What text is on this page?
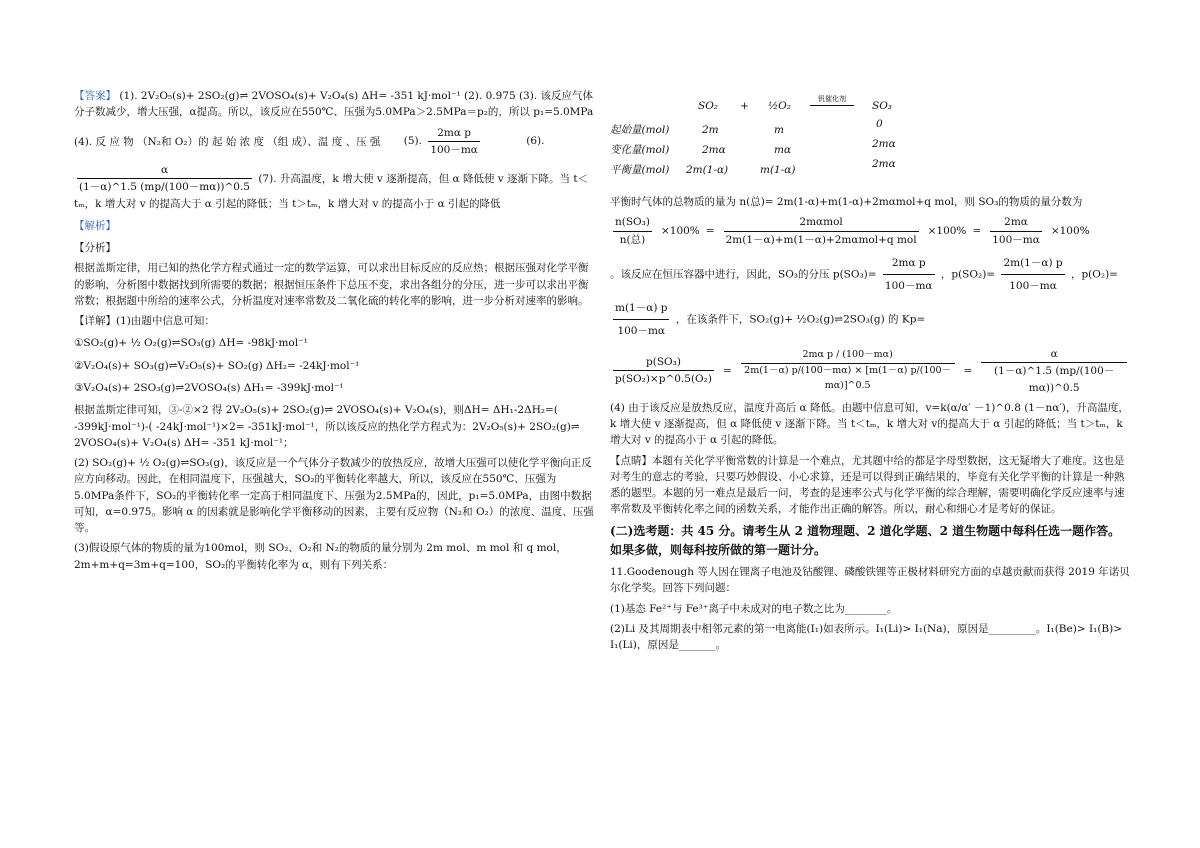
【答案】 (1). 2V₂O₅(s)+ 2SO₂(g)⇌ 2VOSO₄(s)+ V₂O₄(s) ΔH= -351 kJ·mol⁻¹ (2). 0.975 (3). 该反应气体分子数减少，增大压强，α提高。所以，该反应在550℃、压强为5.0MPa＞2.5MPa＝p₂的，所以 p₁=5.0MPa

(4). 反 应 物 （N₂和 O₂）的 起 始 浓 度 （组 成）、温 度 、压 强 (5). $\frac{\text{2mα p}}{100-m\alpha}$	(6).

$\frac{\alpha}{(1-\alpha)\^{}1.5 (mp/(100-m\alpha))\^{}0.5} (7)$. 升高温度，k 增大使 v 逐渐提高，但 α 降低使 v 逐渐下降。当 t＜tₘ，k 增大对 v 的提高大于 α 引起的降低；当 t＞tₘ，k 增大对 v 的提高小于 α 引起的降低

【解析】

【分析】

根据盖斯定律，用已知的热化学方程式通过一定的数学运算，可以求出目标反应的反应热；根据压强对化学平衡的影响，分析图中数据找到所需要的数据；根据恒压条件下总压不变，求出各组分的分压，进一步可以求出平衡常数；根据题中所给的速率公式，分析温度对速率常数及二氧化硫的转化率的影响，进一步分析对速率的影响。

【详解】(1)由题中信息可知：

①SO₂(g)+ ½ O₂(g)⇌SO₃(g) ΔH= -98kJ·mol⁻¹

②V₂O₄(s)+ SO₃(g)⇌V₂O₅(s)+ SO₂(g) ΔH₂= -24kJ·mol⁻¹

③V₂O₄(s)+ 2SO₃(g)⇌2VOSO₄(s) ΔH₁= -399kJ·mol⁻¹

根据盖斯定律可知，③-②×2 得 2V₂O₅(s)+ 2SO₂(g)⇌ 2VOSO₄(s)+ V₂O₄(s)，则ΔH= ΔH₁-2ΔH₂=( -399kJ·mol⁻¹)-( -24kJ·mol⁻¹)×2= -351kJ·mol⁻¹，所以该反应的热化学方程式为：2V₂O₅(s)+ 2SO₂(g)⇌ 2VOSO₄(s)+ V₂O₄(s) ΔH= -351 kJ·mol⁻¹；

(2) SO₂(g)+ ½ O₂(g)⇌SO₃(g)，该反应是一个气体分子数减少的放热反应，故增大压强可以使化学平衡向正反应方向移动。因此，在相同温度下，压强越大，SO₂的平衡转化率越大，所以，该反应在550℃、压强为5.0MPa条件下，SO₂的平衡转化率一定高于相同温度下、压强为2.5MPa的，因此，p₁=5.0MPa，由图中数据可知，α=0.975。影响 α 的因素就是影响化学平衡移动的因素，主要有反应物（N₂和 O₂）的浓度、温度、压强等。

(3)假设原气体的物质的量为100mol，则 SO₂、O₂和 N₂的物质的量分别为 2m mol、m mol 和 q mol，2m+m+q=3m+q=100，SO₂的平衡转化率为 α，则有下列关系：

SO₂ + ½O₂
钒催化剂
SO₃
起始量(mol)	2m	m	0
变化量(mol)	2mα	mα	2mα
平衡量(mol) 2m(1-α)	m(1-α)	2mα

平衡时气体的总物质的量为 n(总)= 2m(1-α)+m(1-α)+2mαmol+q mol，则 SO₃的物质的量分数为

$\frac{\text{n(SO₃)}}{\text{n(总)}} \times 100\% = \frac{\text{2mαmol}}{\text{2m(1－α)+m(1－α)+2mαmol+q mol}} \times 100\% = \frac{2m\alpha}{100-m\alpha} \times 100\%$

。该反应在恒压容器中进行，因此，SO₃的分压 $p(SO_3)= \frac{\text{2mα p}}{100-m\alpha}$ ，$p(SO_2)= \frac{2m(1-\alpha) p}{100-m\alpha}$ ，p(O₂)=
$\frac{m(1-\alpha) p}{100-m\alpha}$ ，在该条件下，SO₂(g)+ ½O₂(g)⇌2SO₃(g) 的 Kp=

$\frac{\text{p(SO₃)}}{\text{p(SO₂)×p\textasciicircum{}0.5(O₂)}} = \frac{\text{2mα p / (100－mα)}}{2m(1-\alpha) p/(100-m\alpha) \times [m(1-\alpha) p/(100-m\alpha)]\^{}0.5} = \frac{\alpha}{(1-\alpha)\^{}1.5 (mp/(100-m\alpha))\^{}0.5}$

(4) 由于该反应是放热反应，温度升高后 α 降低。由题中信息可知，v=k(α/α′ －1)^0.8 (1－nα′)，升高温度，k 增大使 v 逐渐提高，但 α 降低使 v 逐渐下降。当 t＜tₘ，k 增大对 v的提高大于 α 引起的降低；当 t＞tₘ，k 增大对 v 的提高小于 α 引起的降低。

【点睛】本题有关化学平衡常数的计算是一个难点，尤其题中给的都是字母型数据，这无疑增大了难度。这也是对考生的意志的考验，只要巧妙假设、小心求算，还是可以得到正确结果的，毕竟有关化学平衡的计算是一种熟悉的题型。本题的另一难点是最后一问，考查的是速率公式与化学平衡的综合理解，需要明确化学反应速率与速率常数及平衡转化率之间的函数关系，才能作出正确的解答。所以，耐心和细心才是考好的保证。

(二)选考题：共 45 分。请考生从 2 道物理题、2 道化学题、2 道生物题中每科任选一题作答。如果多做，则每科按所做的第一题计分。

11.Goodenough 等人因在锂离子电池及钴酸锂、磷酸铁锂等正极材料研究方面的卓越贡献而获得 2019 年诺贝尔化学奖。回答下列问题：

(1)基态 Fe²⁺与 Fe³⁺离子中未成对的电子数之比为________。

(2)Li 及其周期表中相邻元素的第一电离能(I₁)如表所示。I₁(Li)> I₁(Na)，原因是_________。I₁(Be)> I₁(B)> I₁(Li)，原因是_______。
